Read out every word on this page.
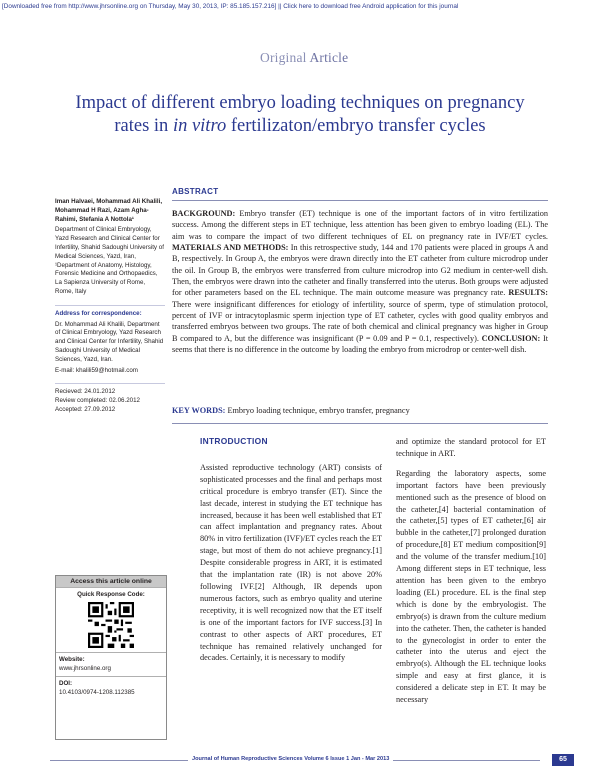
[Downloaded free from http://www.jhrsonline.org on Thursday, May 30, 2013, IP: 85.185.157.216] || Click here to download free Android application for this journal
Original Article
Impact of different embryo loading techniques on pregnancy rates in in vitro fertilizaton/embryo transfer cycles
Iman Halvaei, Mohammad Ali Khalili, Mohammad H Razi, Azam Agha-Rahimi, Stefania A Nottola¹
Department of Clinical Embryology, Yazd Research and Clinical Center for Infertility, Shahid Sadoughi University of Medical Sciences, Yazd, Iran, ¹Department of Anatomy, Histology, Forensic Medicine and Orthopaedics, La Sapienza University of Rome, Rome, Italy
Address for correspondence:
Dr. Mohammad Ali Khalili, Department of Clinical Embryology, Yazd Research and Clinical Center for Infertility, Shahid Sadoughi University of Medical Sciences, Yazd, Iran.
E-mail: khalili59@hotmail.com
Recieved: 24.01.2012
Review completed: 02.06.2012
Accepted: 27.09.2012
Access this article online
Quick Response Code:
Website:
www.jhrsonline.org
DOI:
10.4103/0974-1208.112385
ABSTRACT
BACKGROUND: Embryo transfer (ET) technique is one of the important factors of in vitro fertilization success. Among the different steps in ET technique, less attention has been given to embryo loading (EL). The aim was to compare the impact of two different techniques of EL on pregnancy rate in IVF/ET cycles. MATERIALS AND METHODS: In this retrospective study, 144 and 170 patients were placed in groups A and B, respectively. In Group A, the embryos were drawn directly into the ET catheter from culture microdrop under the oil. In Group B, the embryos were transferred from culture microdrop into G2 medium in center-well dish. Then, the embryos were drawn into the catheter and finally transferred into the uterus. Both groups were adjusted for other parameters based on the EL technique. The main outcome measure was pregnancy rate. RESULTS: There were insignificant differences for etiology of infertility, source of sperm, type of stimulation protocol, percent of IVF or intracytoplasmic sperm injection type of ET catheter, cycles with good quality embryos and transferred embryos between two groups. The rate of both chemical and clinical pregnancy was higher in Group B compared to A, but the difference was insignificant (P = 0.09 and P = 0.1, respectively). CONCLUSION: It seems that there is no difference in the outcome by loading the embryo from microdrop or center-well dish.
KEY WORDS: Embryo loading technique, embryo transfer, pregnancy
INTRODUCTION

Assisted reproductive technology (ART) consists of sophisticated processes and the final and perhaps most critical procedure is embryo transfer (ET). Since the last decade, interest in studying the ET technique has increased, because it has been well established that ET can affect implantation and pregnancy rates. About 80% in vitro fertilization (IVF)/ET cycles reach the ET stage, but most of them do not achieve pregnancy.[1] Despite considerable progress in ART, it is estimated that the implantation rate (IR) is not above 20% following IVF.[2] Although, IR depends upon numerous factors, such as embryo quality and uterine receptivity, it is well recognized now that the ET itself is one of the important factors for IVF success.[3] In contrast to other aspects of ART procedures, ET technique has remained relatively unchanged for decades. Certainly, it is necessary to modify

and optimize the standard protocol for ET technique in ART.

Regarding the laboratory aspects, some important factors have been previously mentioned such as the presence of blood on the catheter,[4] bacterial contamination of the catheter,[5] types of ET catheter,[6] air bubble in the catheter,[7] prolonged duration of procedure,[8] ET medium composition[9] and the volume of the transfer medium.[10] Among different steps in ET technique, less attention has been given to the embryo loading (EL) procedure. EL is the final step which is done by the embryologist. The embryo(s) is drawn from the culture medium into the catheter. Then, the catheter is handed to the gynecologist in order to enter the catheter into the uterus and eject the embryo(s). Although the EL technique looks simple and easy at first glance, it is considered a delicate step in ET. It may be necessary

Journal of Human Reproductive Sciences Volume 6 Issue 1 Jan - Mar 2013	65
